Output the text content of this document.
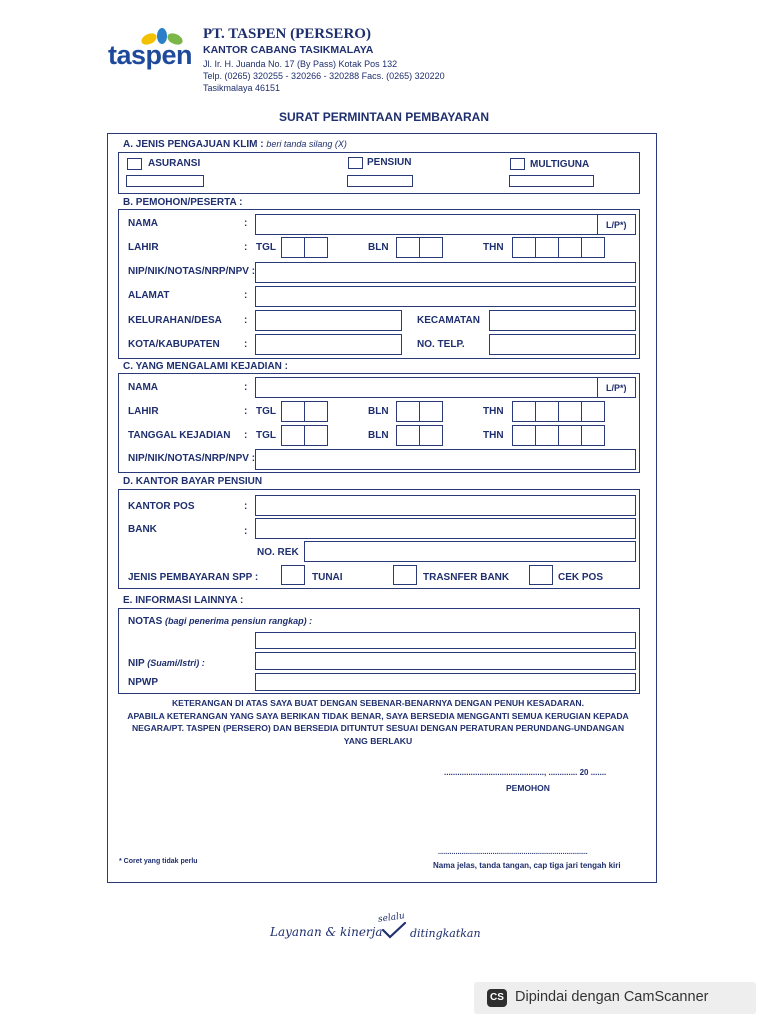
taspen
PT. TASPEN (PERSERO)
KANTOR CABANG TASIKMALAYA
Jl. Ir. H. Juanda No. 17 (By Pass) Kotak Pos 132
Telp. (0265) 320255 - 320266 - 320288 Facs. (0265) 320220
Tasikmalaya 46151
SURAT PERMINTAAN PEMBAYARAN
A. JENIS PENGAJUAN KLIM : beri tanda silang (X)
ASURANSI	PENSIUN	MULTIGUNA
B. PEMOHON/PESERTA :
NAMA	:	L/P*)
LAHIR	: TGL	BLN	THN
NIP/NIK/NOTAS/NRP/NPV :
ALAMAT	:
KELURAHAN/DESA :	KECAMATAN
KOTA/KABUPATEN :	NO. TELP.
C. YANG MENGALAMI KEJADIAN :
NAMA	:	L/P*)
LAHIR	: TGL	BLN	THN
TANGGAL KEJADIAN : TGL	BLN	THN
NIP/NIK/NOTAS/NRP/NPV :
D. KANTOR BAYAR PENSIUN
KANTOR POS	:
BANK	:
NO. REK
JENIS PEMBAYARAN SPP :	TUNAI	TRASNFER BANK	CEK POS
E. INFORMASI LAINNYA :
NOTAS (bagi penerima pensiun rangkap) :
NIP (Suami/Istri) :
NPWP
KETERANGAN DI ATAS SAYA BUAT DENGAN SEBENAR-BENARNYA DENGAN PENUH KESADARAN.
APABILA KETERANGAN YANG SAYA BERIKAN TIDAK BENAR, SAYA BERSEDIA MENGGANTI SEMUA KERUGIAN KEPADA
NEGARA/PT. TASPEN (PERSERO) DAN BERSEDIA DITUNTUT SESUAI DENGAN PERATURAN PERUNDANG-UNDANGAN
YANG BERLAKU
............................................., ............. 20 .......
PEMOHON
* Coret yang tidak perlu
.............................................................................
Nama jelas, tanda tangan, cap tiga jari tengah kiri
Layanan & kinerja
selalu
ditingkatkan
CS Dipindai dengan CamScanner
